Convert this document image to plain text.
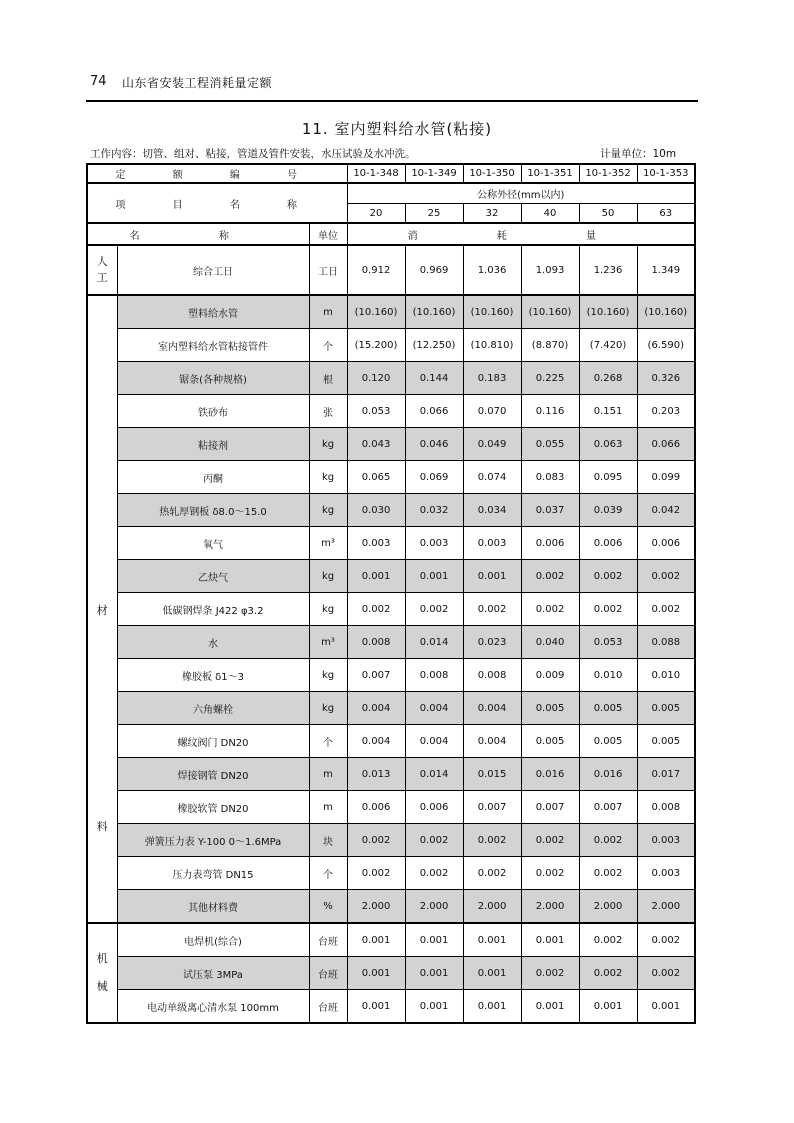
74 山东省安装工程消耗量定额
11. 室内塑料给水管(粘接)
工作内容：切管、组对、粘接，管道及管件安装，水压试验及水冲洗。	计量单位：10m
定 额 编 号			10-1-348	10-1-349	10-1-350	10-1-351	10-1-352	10-1-353
项 目 名 称			公称外径(mm以内)					
			20	25	32	40	50	63
名 称		单位	消 耗 量					
人工	综合工日	工日	0.912	0.969	1.036	1.093	1.236	1.349

材
料	塑料给水管	m	(10.160)	(10.160)	(10.160)	(10.160)	(10.160)	(10.160)
	室内塑料给水管粘接管件	个	(15.200)	(12.250)	(10.810)	(8.870)	(7.420)	(6.590)
	锯条(各种规格)	根	0.120	0.144	0.183	0.225	0.268	0.326
	铁砂布	张	0.053	0.066	0.070	0.116	0.151	0.203
	粘接剂	kg	0.043	0.046	0.049	0.055	0.063	0.066
	丙酮	kg	0.065	0.069	0.074	0.083	0.095	0.099
	热轧厚钢板 δ8.0～15.0	kg	0.030	0.032	0.034	0.037	0.039	0.042
	氧气	m³	0.003	0.003	0.003	0.006	0.006	0.006
	乙炔气	kg	0.001	0.001	0.001	0.002	0.002	0.002
	低碳钢焊条 J422 φ3.2	kg	0.002	0.002	0.002	0.002	0.002	0.002
	水	m³	0.008	0.014	0.023	0.040	0.053	0.088
	橡胶板 δ1～3	kg	0.007	0.008	0.008	0.009	0.010	0.010
	六角螺栓	kg	0.004	0.004	0.004	0.005	0.005	0.005
	螺纹阀门 DN20	个	0.004	0.004	0.004	0.005	0.005	0.005
	焊接钢管 DN20	m	0.013	0.014	0.015	0.016	0.016	0.017
	橡胶软管 DN20	m	0.006	0.006	0.007	0.007	0.007	0.008
	弹簧压力表 Y-100 0～1.6MPa	块	0.002	0.002	0.002	0.002	0.002	0.003
	压力表弯管 DN15	个	0.002	0.002	0.002	0.002	0.002	0.003
	其他材料费	%	2.000	2.000	2.000	2.000	2.000	2.000

机
械	电焊机(综合)	台班	0.001	0.001	0.001	0.001	0.002	0.002
	试压泵 3MPa	台班	0.001	0.001	0.001	0.002	0.002	0.002
	电动单级离心清水泵 100mm	台班	0.001	0.001	0.001	0.001	0.001	0.001
